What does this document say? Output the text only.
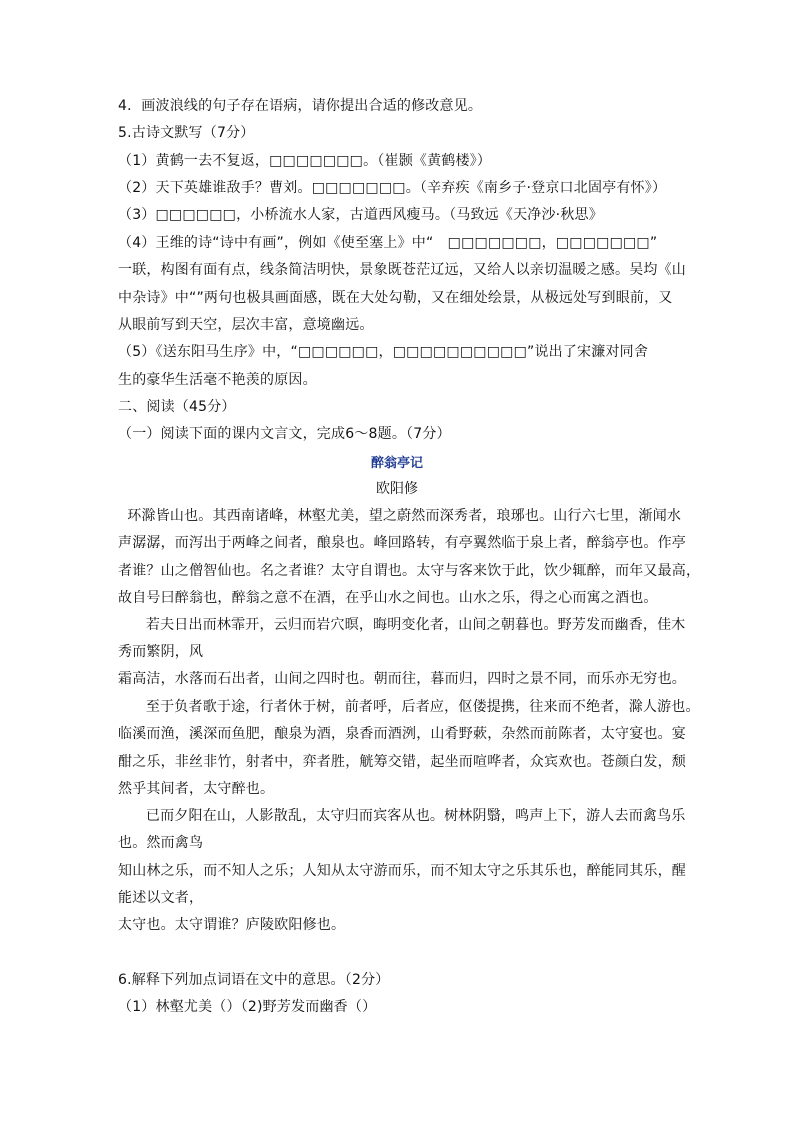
4．画波浪线的句子存在语病，请你提出合适的修改意见。
5.古诗文默写（7分）
（1）黄鹤一去不复返，□□□□□□□。（崔颢《黄鹤楼》）
（2）天下英雄谁敌手？曹刘。□□□□□□□。（辛弃疾《南乡子·登京口北固亭有怀》）
（3）□□□□□□，小桥流水人家，古道西风瘦马。（马致远《天净沙·秋思》
（4）王维的诗“诗中有画”，例如《使至塞上》中“　□□□□□□□，□□□□□□□”
一联，构图有面有点，线条简洁明快，景象既苍茫辽远，又给人以亲切温暖之感。吴均《山
中杂诗》中“”两句也极具画面感，既在大处勾勒，又在细处绘景，从极远处写到眼前，又
从眼前写到天空，层次丰富，意境幽远。
（5）《送东阳马生序》中，“□□□□□□，□□□□□□□□□□”说出了宋濂对同舍
生的豪华生活毫不艳羡的原因。
二、阅读（45分）
（一）阅读下面的课内文言文，完成6～8题。（7分）
醉翁亭记
欧阳修
环滁皆山也。其西南诸峰，林壑尤美，望之蔚然而深秀者，琅琊也。山行六七里，渐闻水
声潺潺，而泻出于两峰之间者，酿泉也。峰回路转，有亭翼然临于泉上者，醉翁亭也。作亭
者谁？山之僧智仙也。名之者谁？太守自谓也。太守与客来饮于此，饮少辄醉，而年又最高，
故自号曰醉翁也，醉翁之意不在酒，在乎山水之间也。山水之乐，得之心而寓之酒也。
若夫日出而林霏开，云归而岩穴暝，晦明变化者，山间之朝暮也。野芳发而幽香，佳木
秀而繁阴，风
霜高洁，水落而石出者，山间之四时也。朝而往，暮而归，四时之景不同，而乐亦无穷也。
至于负者歌于途，行者休于树，前者呼，后者应，伛偻提携，往来而不绝者，滁人游也。
临溪而渔，溪深而鱼肥，酿泉为酒，泉香而酒洌，山肴野蔌，杂然而前陈者，太守宴也。宴
酣之乐，非丝非竹，射者中，弈者胜，觥筹交错，起坐而喧哗者，众宾欢也。苍颜白发，颓
然乎其间者，太守醉也。
已而夕阳在山，人影散乱，太守归而宾客从也。树林阴翳，鸣声上下，游人去而禽鸟乐
也。然而禽鸟
知山林之乐，而不知人之乐；人知从太守游而乐，而不知太守之乐其乐也，醉能同其乐，醒
能述以文者，
太守也。太守谓谁？庐陵欧阳修也。
6.解释下列加点词语在文中的意思。（2分）
（1）林壑尤美（）（2)野芳发而幽香（）
